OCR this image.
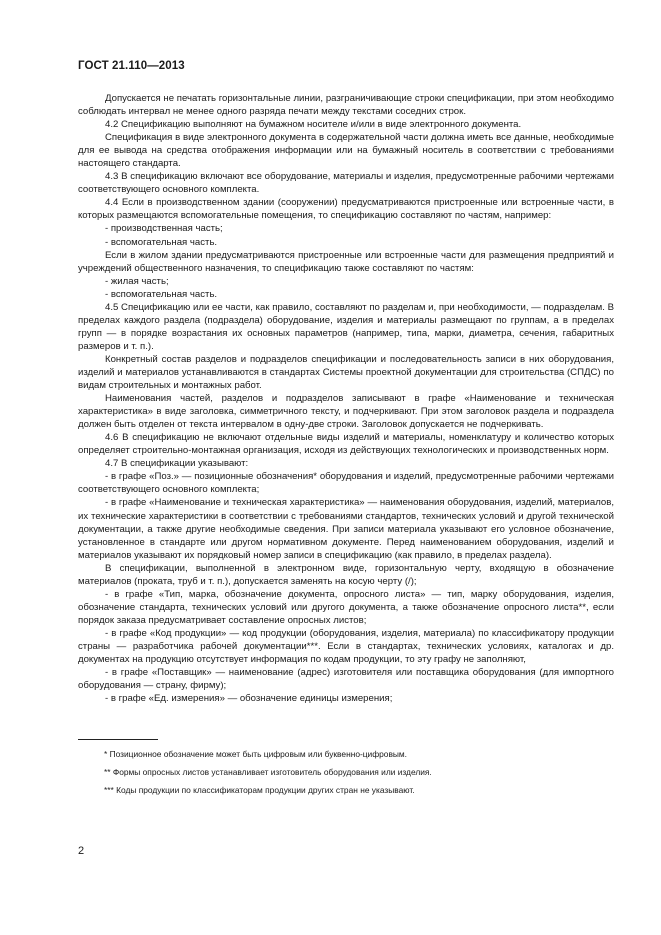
ГОСТ 21.110—2013

Допускается не печатать горизонтальные линии, разграничивающие строки спецификации, при этом необходимо соблюдать интервал не менее одного разряда печати между текстами соседних строк.

4.2 Спецификацию выполняют на бумажном носителе и/или в виде электронного документа.

Спецификация в виде электронного документа в содержательной части должна иметь все данные, необходимые для ее вывода на средства отображения информации или на бумажный носитель в соответствии с требованиями настоящего стандарта.

4.3 В спецификацию включают все оборудование, материалы и изделия, предусмотренные рабочими чертежами соответствующего основного комплекта.

4.4 Если в производственном здании (сооружении) предусматриваются пристроенные или встроенные части, в которых размещаются вспомогательные помещения, то спецификацию составляют по частям, например:

- производственная часть;

- вспомогательная часть.

Если в жилом здании предусматриваются пристроенные или встроенные части для размещения предприятий и учреждений общественного назначения, то спецификацию также составляют по частям:

- жилая часть;

- вспомогательная часть.

4.5 Спецификацию или ее части, как правило, составляют по разделам и, при необходимости, — подразделам. В пределах каждого раздела (подраздела) оборудование, изделия и материалы размещают по группам, а в пределах групп — в порядке возрастания их основных параметров (например, типа, марки, диаметра, сечения, габаритных размеров и т. п.).

Конкретный состав разделов и подразделов спецификации и последовательность записи в них оборудования, изделий и материалов устанавливаются в стандартах Системы проектной документации для строительства (СПДС) по видам строительных и монтажных работ.

Наименования частей, разделов и подразделов записывают в графе «Наименование и техническая характеристика» в виде заголовка, симметричного тексту, и подчеркивают. При этом заголовок раздела и подраздела должен быть отделен от текста интервалом в одну-две строки. Заголовок допускается не подчеркивать.

4.6 В спецификацию не включают отдельные виды изделий и материалы, номенклатуру и количество которых определяет строительно-монтажная организация, исходя из действующих технологических и производственных норм.

4.7 В спецификации указывают:

- в графе «Поз.» — позиционные обозначения* оборудования и изделий, предусмотренные рабочими чертежами соответствующего основного комплекта;

- в графе «Наименование и техническая характеристика» — наименования оборудования, изделий, материалов, их технические характеристики в соответствии с требованиями стандартов, технических условий и другой технической документации, а также другие необходимые сведения. При записи материала указывают его условное обозначение, установленное в стандарте или другом нормативном документе. Перед наименованием оборудования, изделий и материалов указывают их порядковый номер записи в спецификацию (как правило, в пределах раздела).

В спецификации, выполненной в электронном виде, горизонтальную черту, входящую в обозначение материалов (проката, труб и т. п.), допускается заменять на косую черту (/);

- в графе «Тип, марка, обозначение документа, опросного листа» — тип, марку оборудования, изделия, обозначение стандарта, технических условий или другого документа, а также обозначение опросного листа**, если порядок заказа предусматривает составление опросных листов;

- в графе «Код продукции» — код продукции (оборудования, изделия, материала) по классификатору продукции страны — разработчика рабочей документации***. Если в стандартах, технических условиях, каталогах и др. документах на продукцию отсутствует информация по кодам продукции, то эту графу не заполняют,

- в графе «Поставщик» — наименование (адрес) изготовителя или поставщика оборудования (для импортного оборудования — страну, фирму);

- в графе «Ед. измерения» — обозначение единицы измерения;

* Позиционное обозначение может быть цифровым или буквенно-цифровым.

** Формы опросных листов устанавливает изготовитель оборудования или изделия.

*** Коды продукции по классификаторам продукции других стран не указывают.

2
